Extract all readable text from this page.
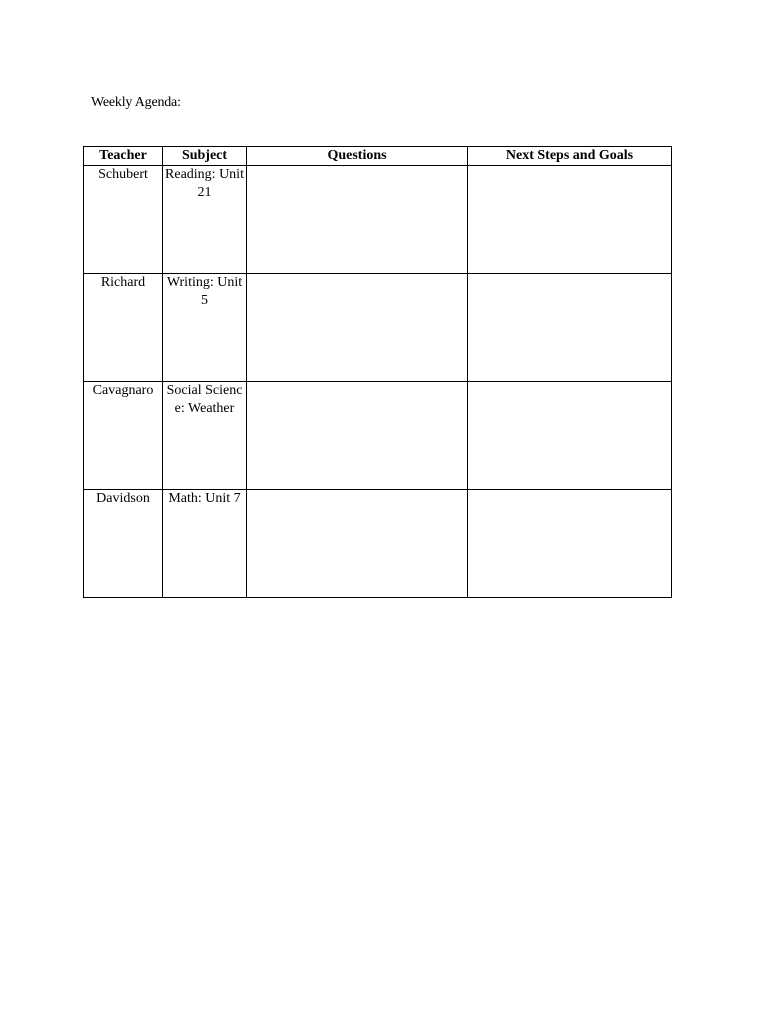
Weekly Agenda:
Teacher	Subject	Questions	Next Steps and Goals

Schubert	Reading: Unit 21		

Richard	Writing: Unit 5		

Cavagnaro	Social Science: Weather		

Davidson	Math: Unit 7		
